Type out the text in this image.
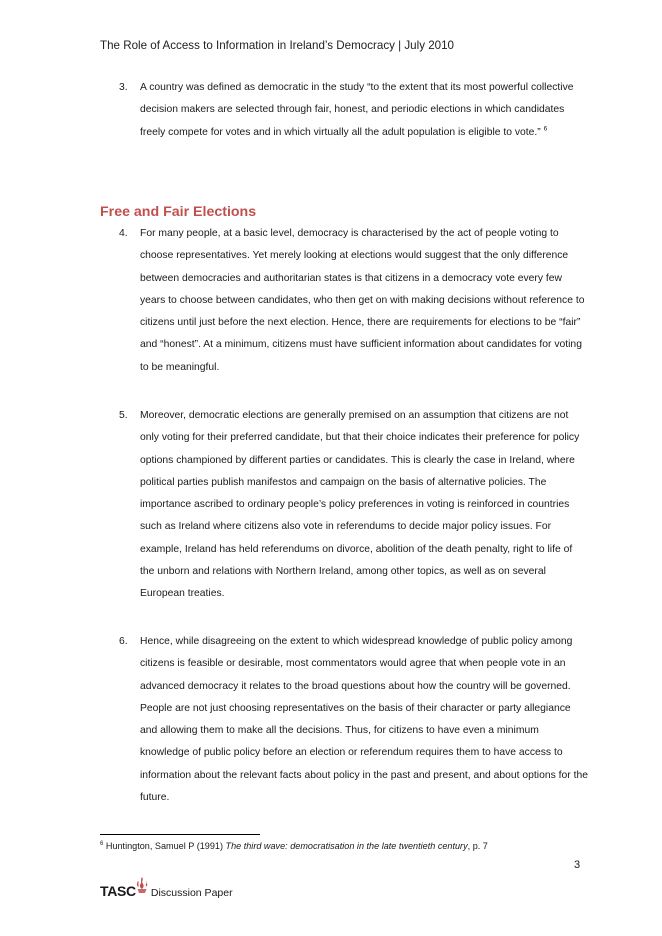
The Role of Access to Information in Ireland’s Democracy | July 2010
3. A country was defined as democratic in the study “to the extent that its most powerful collective decision makers are selected through fair, honest, and periodic elections in which candidates freely compete for votes and in which virtually all the adult population is eligible to vote.” $^6$
Free and Fair Elections
4. For many people, at a basic level, democracy is characterised by the act of people voting to choose representatives. Yet merely looking at elections would suggest that the only difference between democracies and authoritarian states is that citizens in a democracy vote every few years to choose between candidates, who then get on with making decisions without reference to citizens until just before the next election. Hence, there are requirements for elections to be “fair” and “honest”. At a minimum, citizens must have sufficient information about candidates for voting to be meaningful.
5. Moreover, democratic elections are generally premised on an assumption that citizens are not only voting for their preferred candidate, but that their choice indicates their preference for policy options championed by different parties or candidates. This is clearly the case in Ireland, where political parties publish manifestos and campaign on the basis of alternative policies. The importance ascribed to ordinary people’s policy preferences in voting is reinforced in countries such as Ireland where citizens also vote in referendums to decide major policy issues. For example, Ireland has held referendums on divorce, abolition of the death penalty, right to life of the unborn and relations with Northern Ireland, among other topics, as well as on several European treaties.
6. Hence, while disagreeing on the extent to which widespread knowledge of public policy among citizens is feasible or desirable, most commentators would agree that when people vote in an advanced democracy it relates to the broad questions about how the country will be governed. People are not just choosing representatives on the basis of their character or party allegiance and allowing them to make all the decisions. Thus, for citizens to have even a minimum knowledge of public policy before an election or referendum requires them to have access to information about the relevant facts about policy in the past and present, and about options for the future.
$^6$ Huntington, Samuel P (1991) The third wave: democratisation in the late twentieth century, p. 7
3
TASC Discussion Paper
